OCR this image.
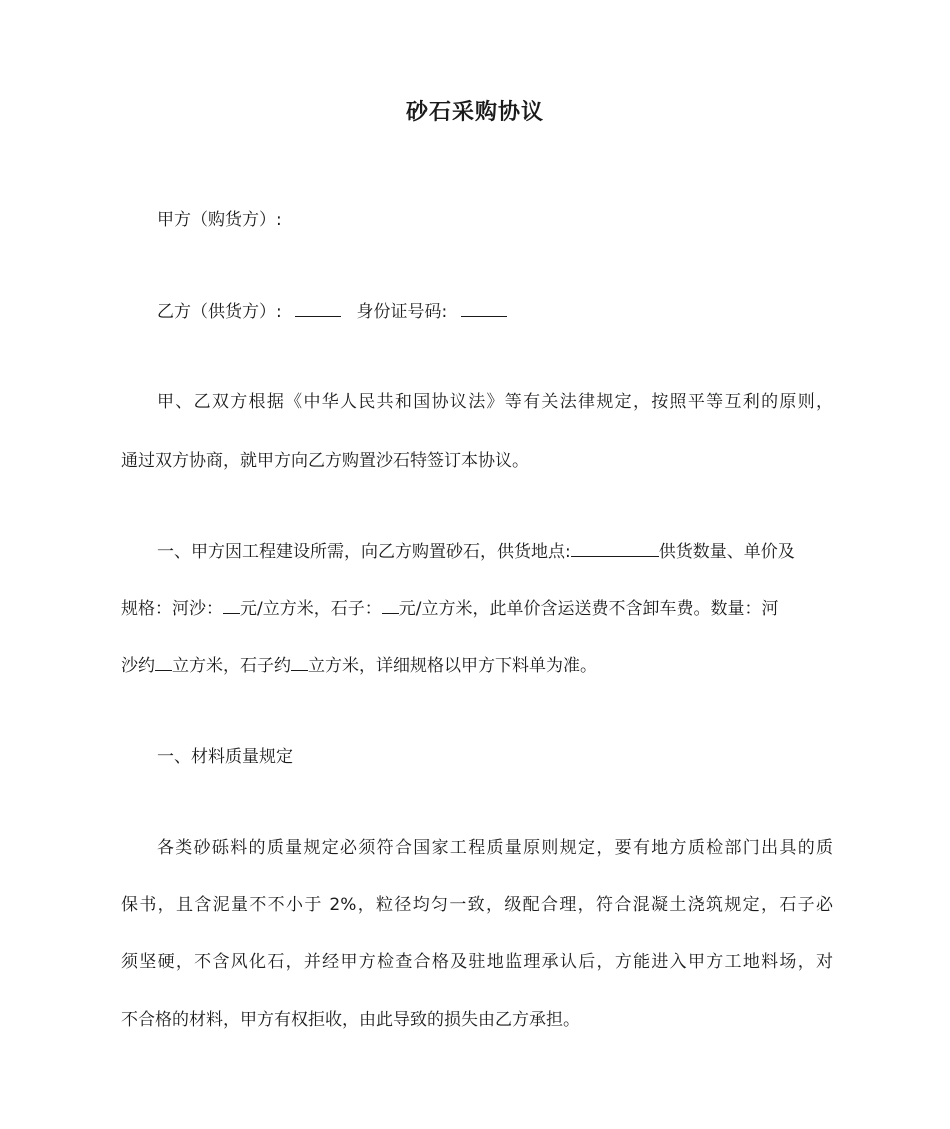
砂石采购协议
甲方（购货方）:
乙方（供货方）:	身份证号码:
甲、乙双方根据《中华人民共和国协议法》等有关法律规定，按照平等互利的原则，
通过双方协商，就甲方向乙方购置沙石特签订本协议。
一、甲方因工程建设所需，向乙方购置砂石，供货地点:	供货数量、单价及
规格：河沙： 元/立方米，石子： 元/立方米，此单价含运送费不含卸车费。数量：河
沙约 立方米，石子约 立方米，详细规格以甲方下料单为准。
一、材料质量规定
各类砂砾料的质量规定必须符合国家工程质量原则规定，要有地方质检部门出具的质
保书，且含泥量不不小于 2%，粒径均匀一致，级配合理，符合混凝土浇筑规定，石子必
须坚硬，不含风化石，并经甲方检查合格及驻地监理承认后，方能进入甲方工地料场，对
不合格的材料，甲方有权拒收，由此导致的损失由乙方承担。
